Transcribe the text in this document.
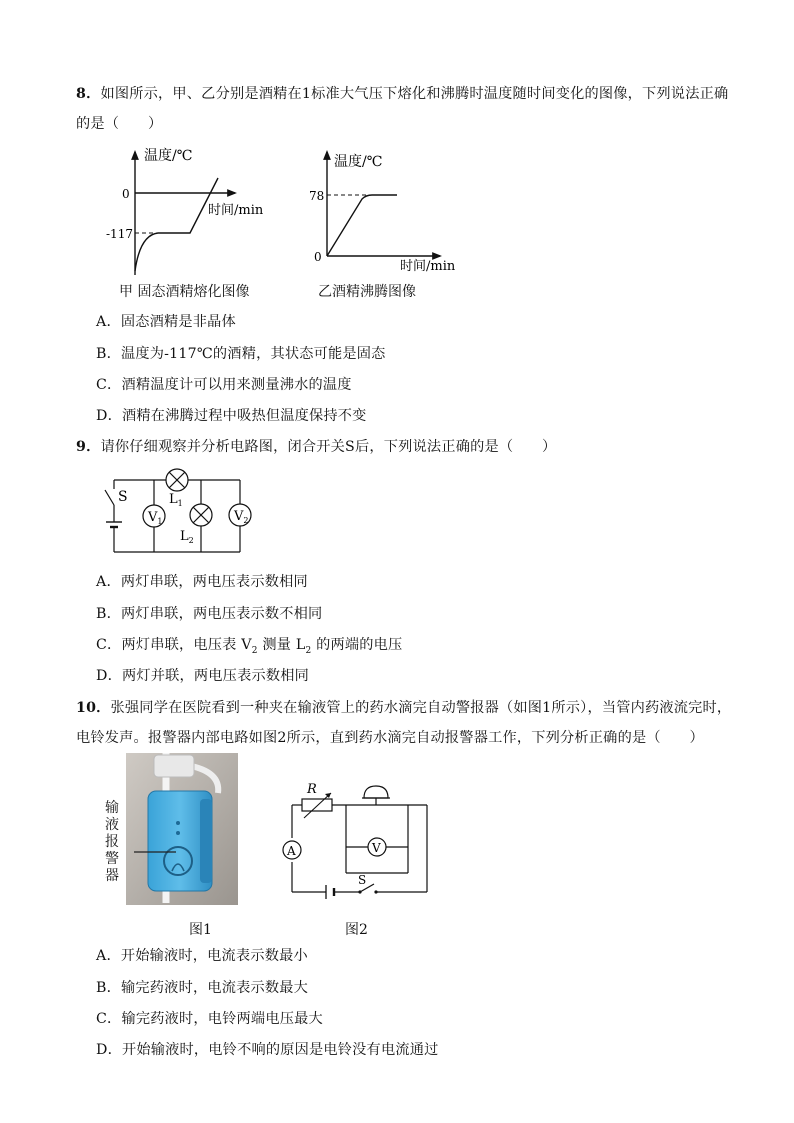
8．如图所示，甲、乙分别是酒精在1标准大气压下熔化和沸腾时温度随时间变化的图像，下列说法正确
的是（　　）
温度/℃
0
-117
时间/min
甲 固态酒精熔化图像
温度/℃
78
0
时间/min
乙酒精沸腾图像
A．固态酒精是非晶体
B．温度为-117℃的酒精，其状态可能是固态
C．酒精温度计可以用来测量沸水的温度
D．酒精在沸腾过程中吸热但温度保持不变
9．请你仔细观察并分析电路图，闭合开关S后，下列说法正确的是（　　）
S
$V_1$
$L_1$
$L_2$
$V_2$
A．两灯串联，两电压表示数相同
B．两灯串联，两电压表示数不相同
C．两灯串联，电压表 $V_2$ 测量 $L_2$ 的两端的电压
D．两灯并联，两电压表示数相同
10．张强同学在医院看到一种夹在输液管上的药水滴完自动警报器（如图1所示），当管内药液流完时，
电铃发声。报警器内部电路如图2所示，直到药水滴完自动报警器工作，下列分析正确的是（　　）
输
液
报
警
器
图1
R
V
A
S
图2
A．开始输液时，电流表示数最小
B．输完药液时，电流表示数最大
C．输完药液时，电铃两端电压最大
D．开始输液时，电铃不响的原因是电铃没有电流通过
